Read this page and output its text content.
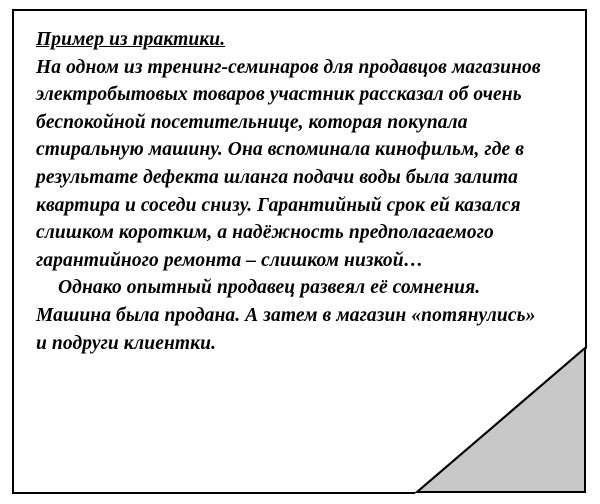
Пример из практики.
На одном из тренинг-семинаров для продавцов магазинов электробытовых товаров участник рассказал об очень беспокойной посетительнице, которая покупала стиральную машину. Она вспоминала кинофильм, где в результате дефекта шланга подачи воды была залита квартира и соседи снизу. Гарантийный срок ей казался слишком коротким, а надёжность предполагаемого гарантийного ремонта – слишком низкой…
Однако опытный продавец развеял её сомнения. Машина была продана. А затем в магазин «потянулись» и подруги клиентки.
